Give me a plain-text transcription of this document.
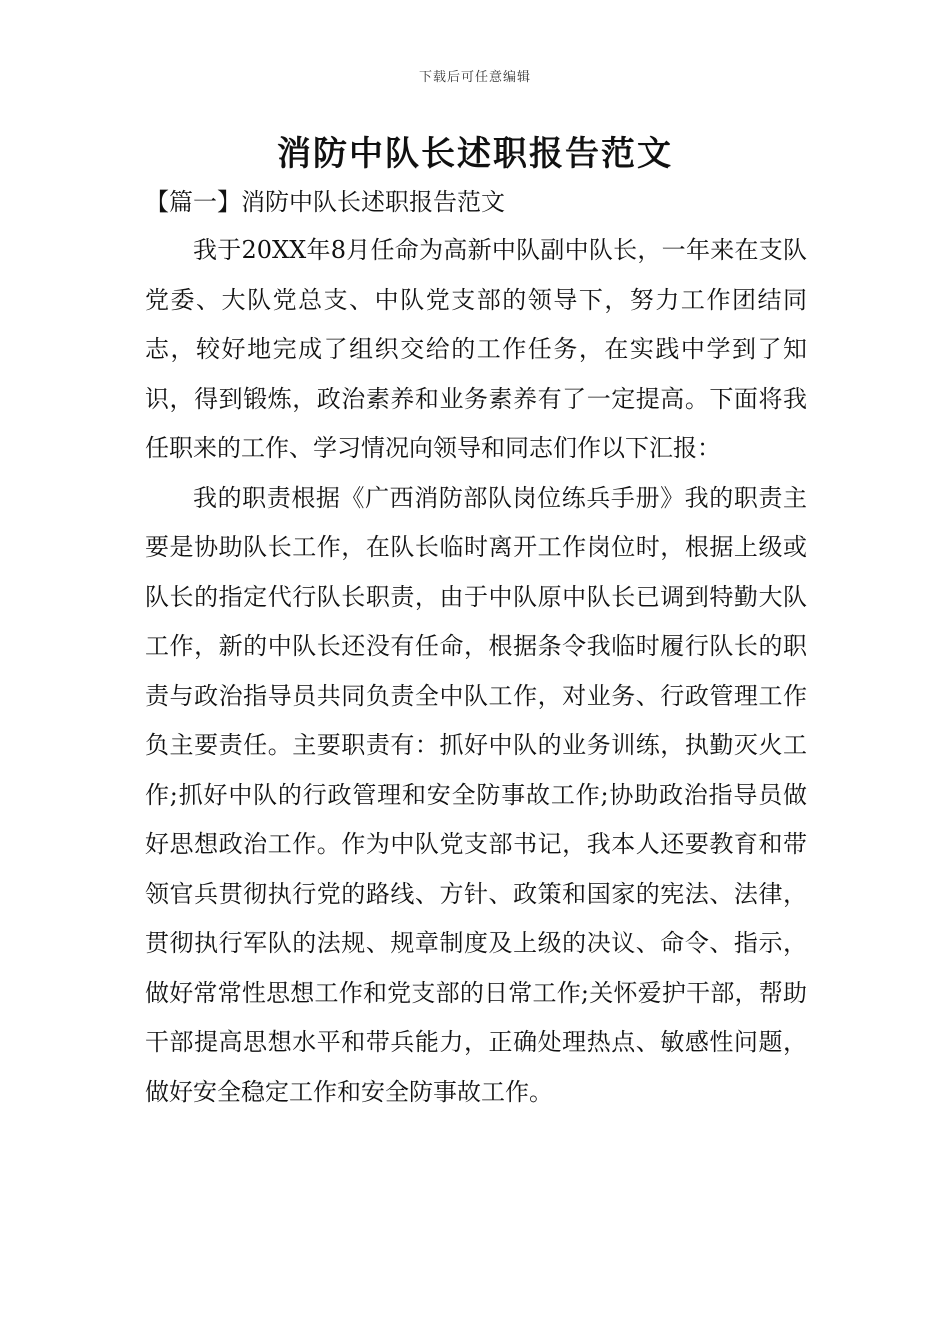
下载后可任意编辑
消防中队长述职报告范文
【篇一】消防中队长述职报告范文

我于20XX年8月任命为高新中队副中队长，一年来在支队党委、大队党总支、中队党支部的领导下，努力工作团结同志，较好地完成了组织交给的工作任务，在实践中学到了知识，得到锻炼，政治素养和业务素养有了一定提高。下面将我任职来的工作、学习情况向领导和同志们作以下汇报：

我的职责根据《广西消防部队岗位练兵手册》我的职责主要是协助队长工作，在队长临时离开工作岗位时，根据上级或队长的指定代行队长职责，由于中队原中队长已调到特勤大队工作，新的中队长还没有任命，根据条令我临时履行队长的职责与政治指导员共同负责全中队工作，对业务、行政管理工作负主要责任。主要职责有：抓好中队的业务训练，执勤灭火工作;抓好中队的行政管理和安全防事故工作;协助政治指导员做好思想政治工作。作为中队党支部书记，我本人还要教育和带领官兵贯彻执行党的路线、方针、政策和国家的宪法、法律，贯彻执行军队的法规、规章制度及上级的决议、命令、指示，做好常常性思想工作和党支部的日常工作;关怀爱护干部，帮助干部提高思想水平和带兵能力，正确处理热点、敏感性问题，做好安全稳定工作和安全防事故工作。
